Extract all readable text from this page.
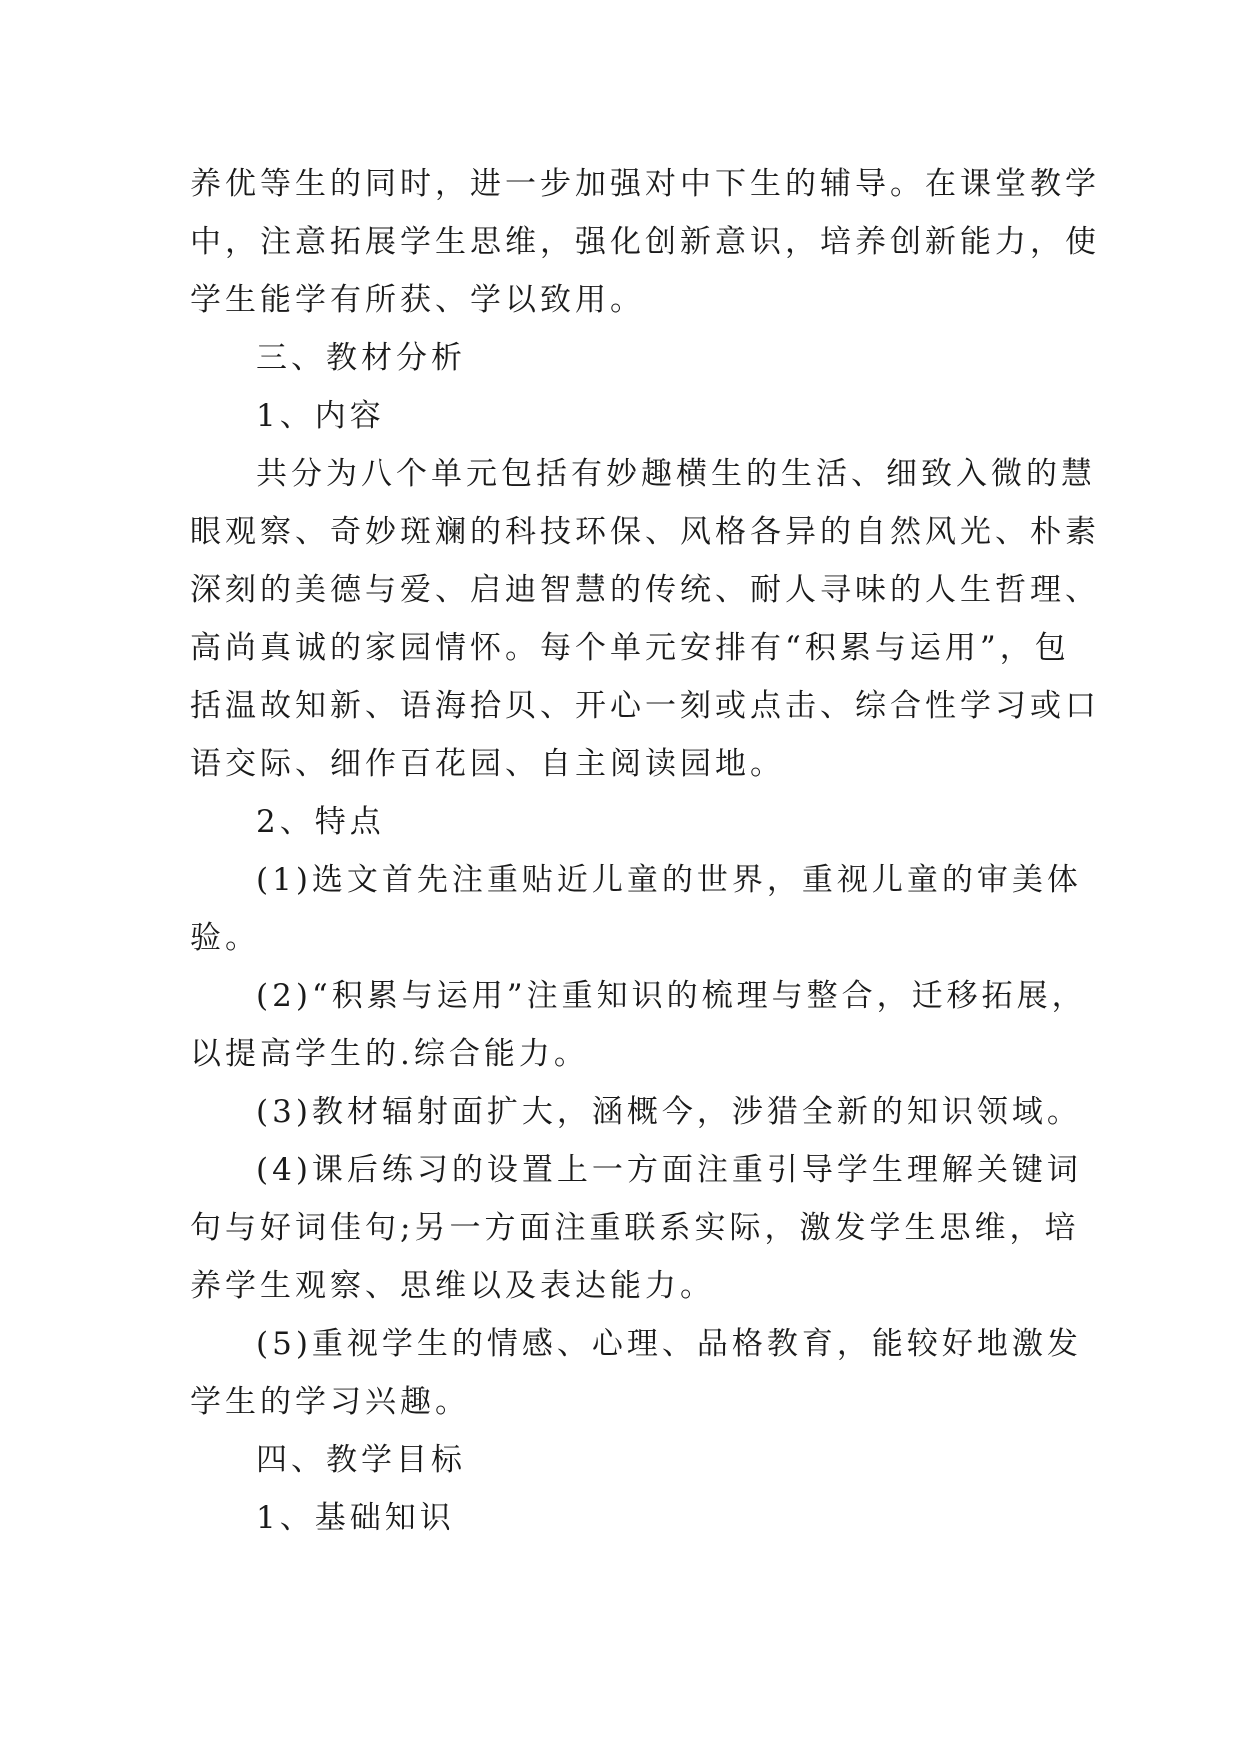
养优等生的同时，进一步加强对中下生的辅导。在课堂教学
中，注意拓展学生思维，强化创新意识，培养创新能力，使
学生能学有所获、学以致用。
三、教材分析
1、内容
共分为八个单元包括有妙趣横生的生活、细致入微的慧
眼观察、奇妙斑斓的科技环保、风格各异的自然风光、朴素
深刻的美德与爱、启迪智慧的传统、耐人寻味的人生哲理、
高尚真诚的家园情怀。每个单元安排有“积累与运用”，包
括温故知新、语海拾贝、开心一刻或点击、综合性学习或口
语交际、细作百花园、自主阅读园地。
2、特点
(1)选文首先注重贴近儿童的世界，重视儿童的审美体
验。
(2)“积累与运用”注重知识的梳理与整合，迁移拓展，
以提高学生的.综合能力。
(3)教材辐射面扩大，涵概今，涉猎全新的知识领域。
(4)课后练习的设置上一方面注重引导学生理解关键词
句与好词佳句;另一方面注重联系实际，激发学生思维，培
养学生观察、思维以及表达能力。
(5)重视学生的情感、心理、品格教育，能较好地激发
学生的学习兴趣。
四、教学目标
1、基础知识
